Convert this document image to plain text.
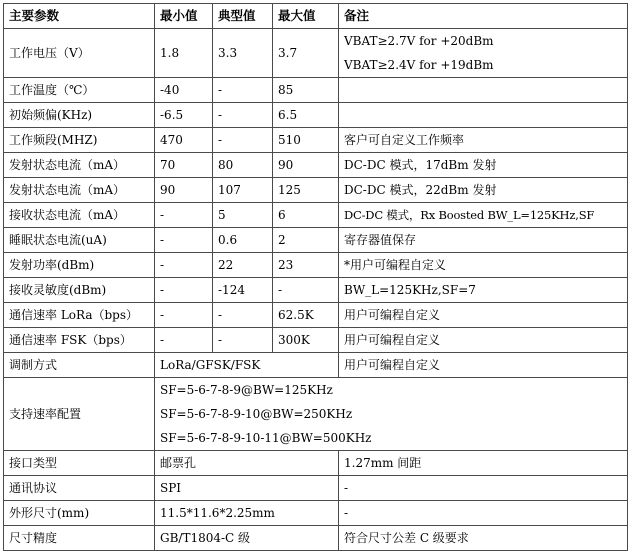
主要参数	最小值	典型值	最大值	备注
工作电压（V）	1.8	3.3	3.7	VBAT≥2.7V for +20dBm
VBAT≥2.4V for +19dBm

工作温度（℃）	-40	-	85	
初始频偏(KHz)	-6.5	-	6.5	
工作频段(MHZ)	470	-	510	客户可自定义工作频率
发射状态电流（mA）	70	80	90	DC-DC 模式，17dBm 发射
发射状态电流（mA）	90	107	125	DC-DC 模式，22dBm 发射
接收状态电流（mA）	-	5	6	DC-DC 模式，Rx Boosted BW_L=125KHz,SF
睡眠状态电流(uA)	-	0.6	2	寄存器值保存
发射功率(dBm)	-	22	23	*用户可编程自定义
接收灵敏度(dBm)	-	-124	-	BW_L=125KHz,SF=7
通信速率 LoRa（bps）	-	-	62.5K	用户可编程自定义
通信速率 FSK（bps）	-	-	300K	用户可编程自定义
调制方式	LoRa/GFSK/FSK			用户可编程自定义
支持速率配置	SF=5-6-7-8-9@BW=125KHz
SF=5-6-7-8-9-10@BW=250KHz
SF=5-6-7-8-9-10-11@BW=500KHz			

接口类型	邮票孔			1.27mm 间距
通讯协议	SPI			-
外形尺寸(mm)	11.5*11.6*2.25mm			-
尺寸精度	GB/T1804-C 级			符合尺寸公差 C 级要求
